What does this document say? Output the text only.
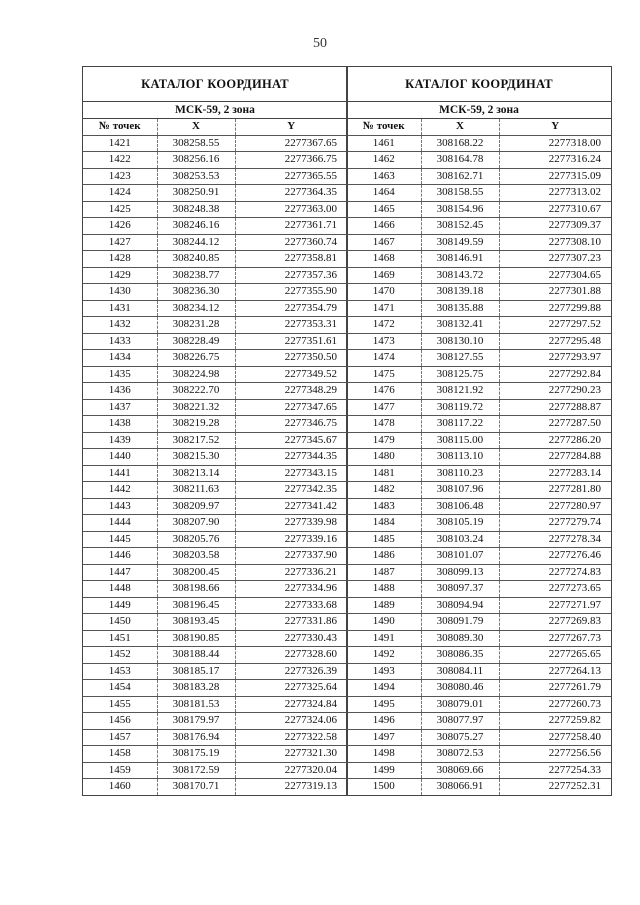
50
КАТАЛОГ КООРДИНАТ
МСК-59, 2 зона
№ точек	X	Y
1421	308258.55	2277367.65
1422	308256.16	2277366.75
1423	308253.53	2277365.55
1424	308250.91	2277364.35
1425	308248.38	2277363.00
1426	308246.16	2277361.71
1427	308244.12	2277360.74
1428	308240.85	2277358.81
1429	308238.77	2277357.36
1430	308236.30	2277355.90
1431	308234.12	2277354.79
1432	308231.28	2277353.31
1433	308228.49	2277351.61
1434	308226.75	2277350.50
1435	308224.98	2277349.52
1436	308222.70	2277348.29
1437	308221.32	2277347.65
1438	308219.28	2277346.75
1439	308217.52	2277345.67
1440	308215.30	2277344.35
1441	308213.14	2277343.15
1442	308211.63	2277342.35
1443	308209.97	2277341.42
1444	308207.90	2277339.98
1445	308205.76	2277339.16
1446	308203.58	2277337.90
1447	308200.45	2277336.21
1448	308198.66	2277334.96
1449	308196.45	2277333.68
1450	308193.45	2277331.86
1451	308190.85	2277330.43
1452	308188.44	2277328.60
1453	308185.17	2277326.39
1454	308183.28	2277325.64
1455	308181.53	2277324.84
1456	308179.97	2277324.06
1457	308176.94	2277322.58
1458	308175.19	2277321.30
1459	308172.59	2277320.04
1460	308170.71	2277319.13
КАТАЛОГ КООРДИНАТ
МСК-59, 2 зона
№ точек	X	Y
1461	308168.22	2277318.00
1462	308164.78	2277316.24
1463	308162.71	2277315.09
1464	308158.55	2277313.02
1465	308154.96	2277310.67
1466	308152.45	2277309.37
1467	308149.59	2277308.10
1468	308146.91	2277307.23
1469	308143.72	2277304.65
1470	308139.18	2277301.88
1471	308135.88	2277299.88
1472	308132.41	2277297.52
1473	308130.10	2277295.48
1474	308127.55	2277293.97
1475	308125.75	2277292.84
1476	308121.92	2277290.23
1477	308119.72	2277288.87
1478	308117.22	2277287.50
1479	308115.00	2277286.20
1480	308113.10	2277284.88
1481	308110.23	2277283.14
1482	308107.96	2277281.80
1483	308106.48	2277280.97
1484	308105.19	2277279.74
1485	308103.24	2277278.34
1486	308101.07	2277276.46
1487	308099.13	2277274.83
1488	308097.37	2277273.65
1489	308094.94	2277271.97
1490	308091.79	2277269.83
1491	308089.30	2277267.73
1492	308086.35	2277265.65
1493	308084.11	2277264.13
1494	308080.46	2277261.79
1495	308079.01	2277260.73
1496	308077.97	2277259.82
1497	308075.27	2277258.40
1498	308072.53	2277256.56
1499	308069.66	2277254.33
1500	308066.91	2277252.31
